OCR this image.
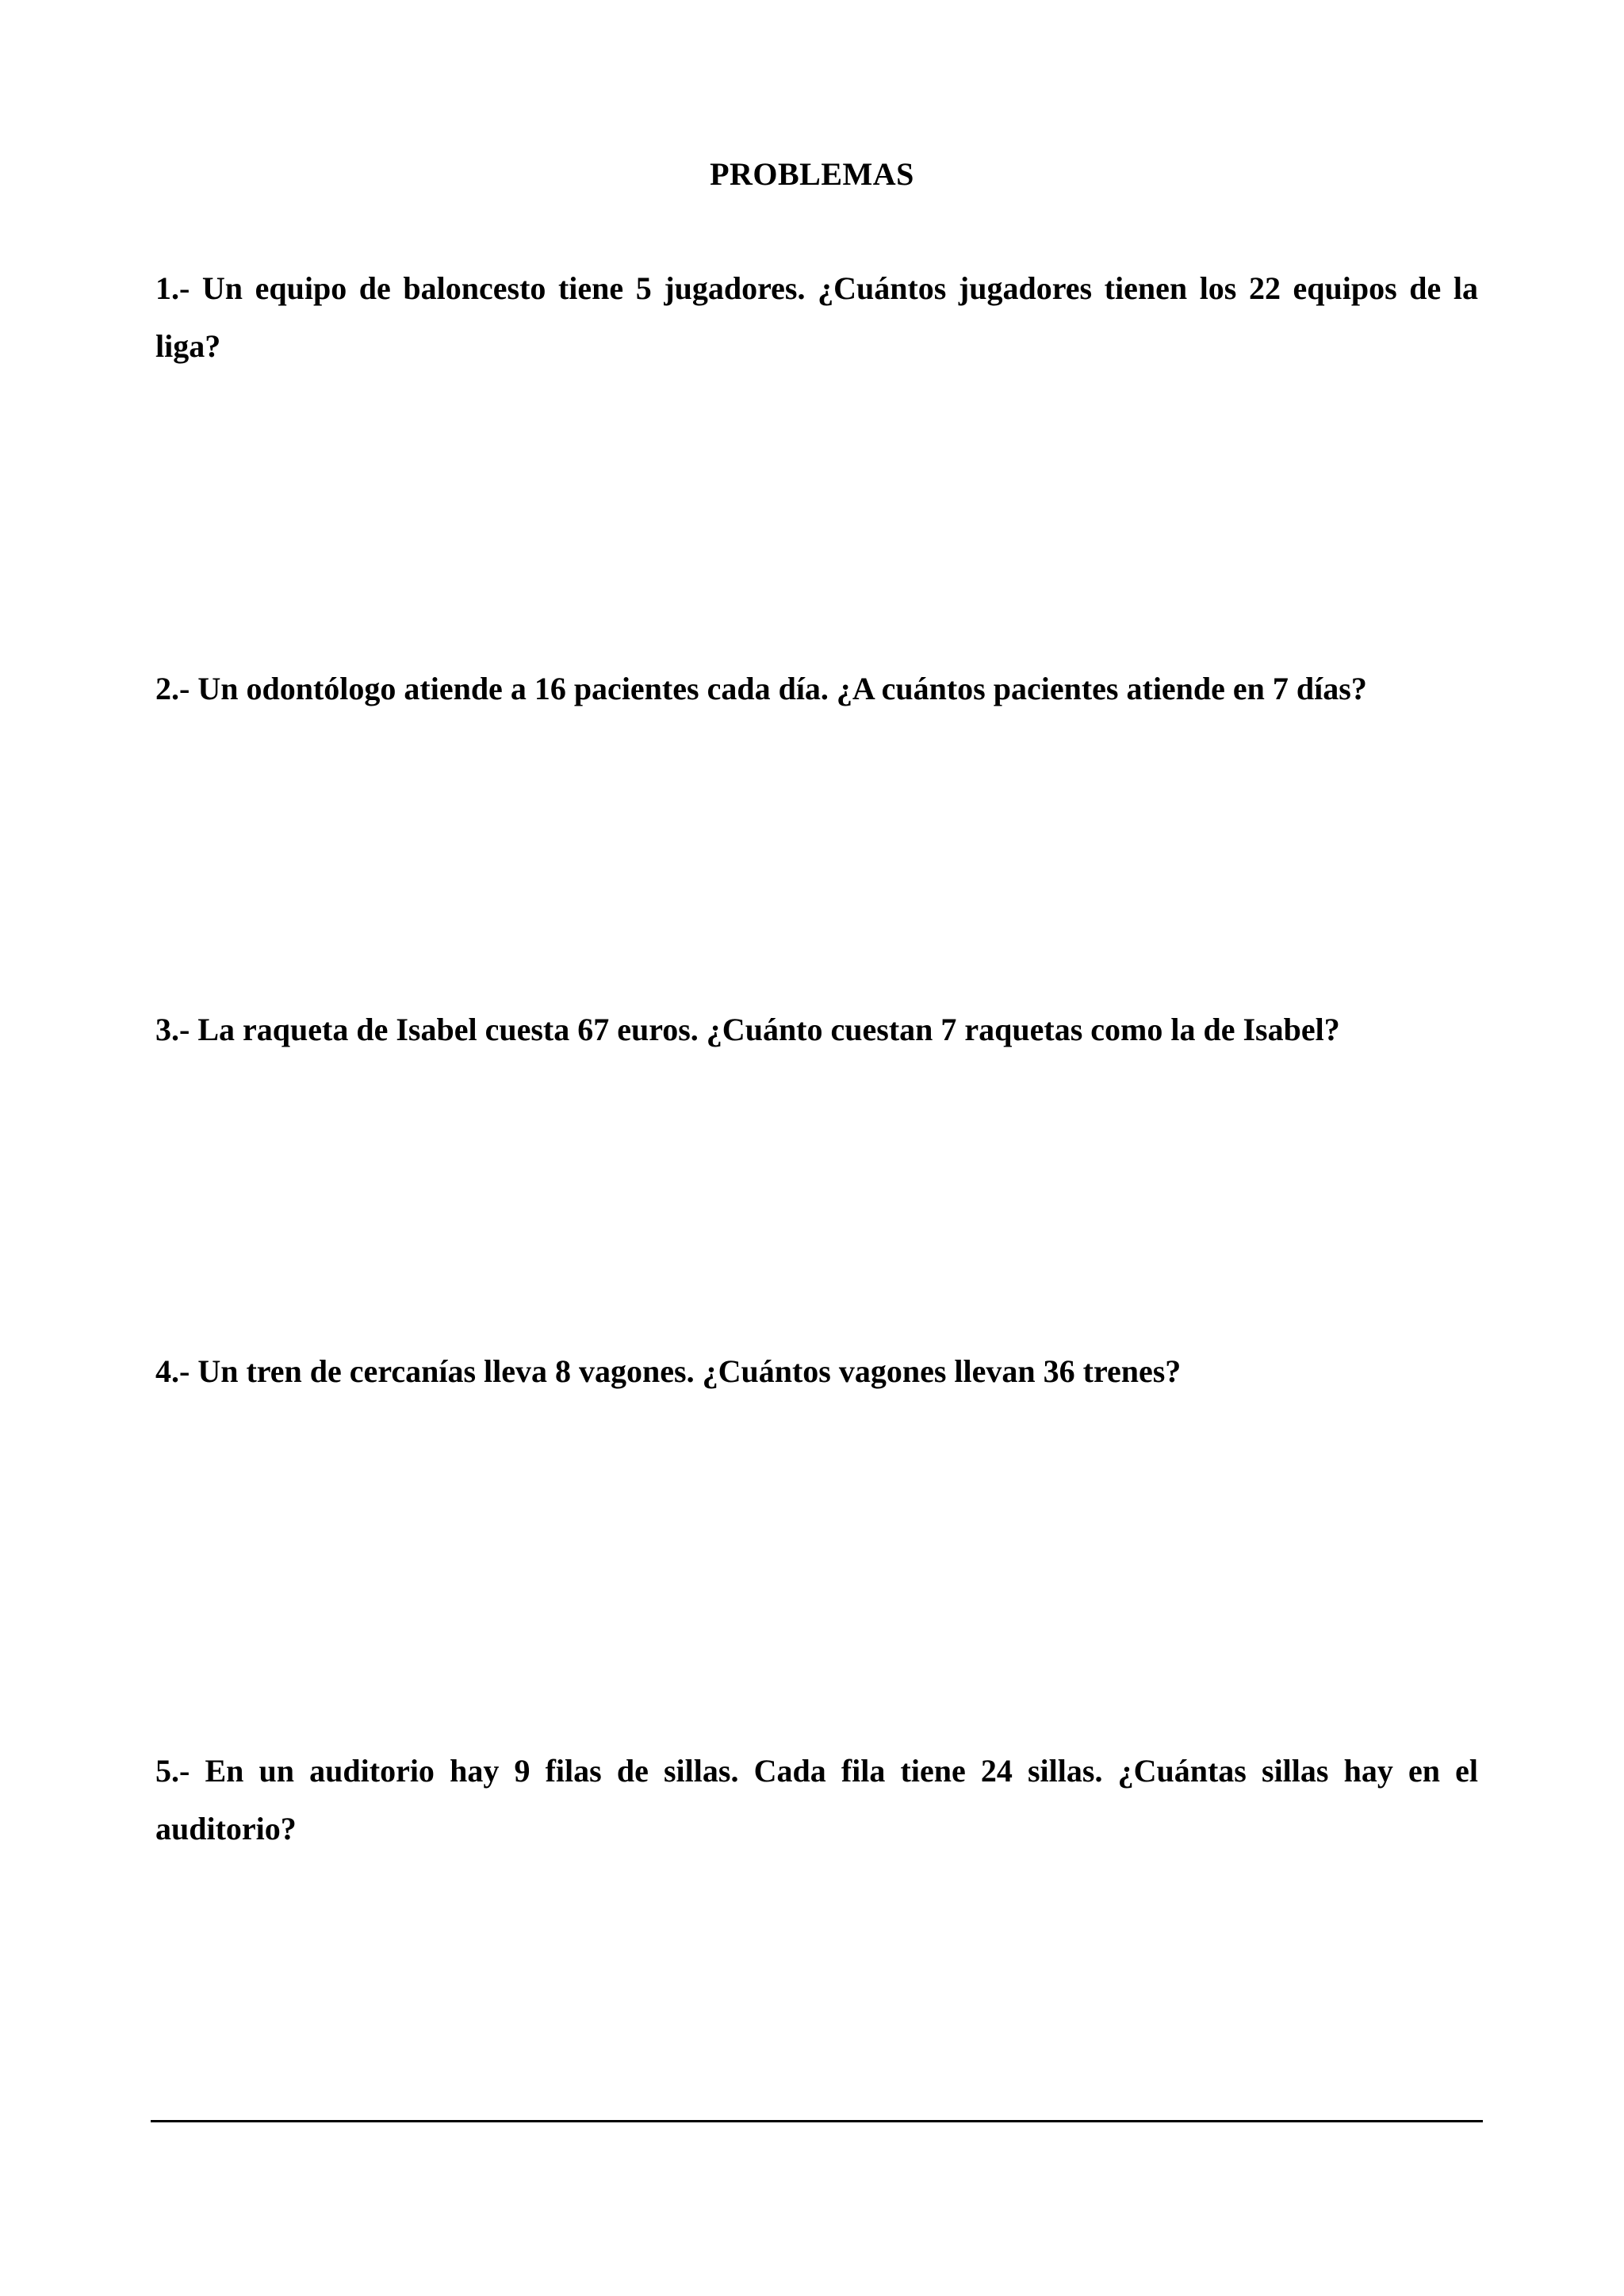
PROBLEMAS

1.- Un equipo de baloncesto tiene 5 jugadores. ¿Cuántos jugadores tienen los 22 equipos de la liga?

2.- Un odontólogo atiende a 16 pacientes cada día. ¿A cuántos pacientes atiende en 7 días?

3.- La raqueta de Isabel cuesta 67 euros. ¿Cuánto cuestan 7 raquetas como la de Isabel?

4.- Un tren de cercanías lleva 8 vagones. ¿Cuántos vagones llevan 36 trenes?

5.- En un auditorio hay 9 filas de sillas. Cada fila tiene 24 sillas. ¿Cuántas sillas hay en el auditorio?
